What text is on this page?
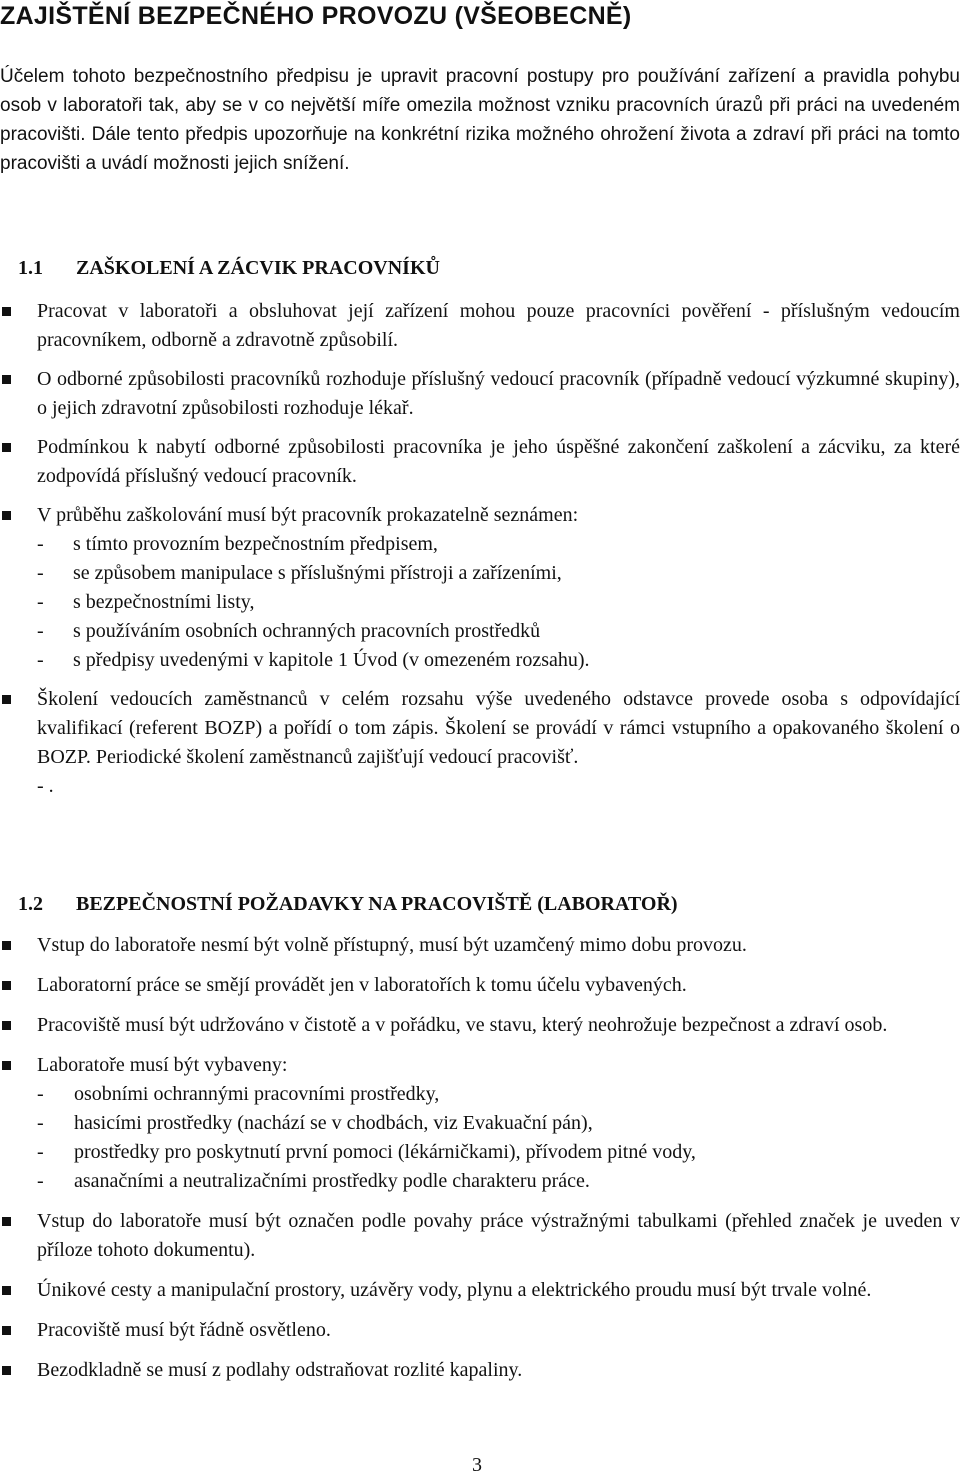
ZAJIŠTĚNÍ BEZPEČNÉHO PROVOZU (VŠEOBECNĚ)

Účelem tohoto bezpečnostního předpisu je upravit pracovní postupy pro používání zařízení a pravidla pohybu osob v laboratoři tak, aby se v co největší míře omezila možnost vzniku pracovních úrazů při práci na uvedeném pracovišti. Dále tento předpis upozorňuje na konkrétní rizika možného ohrožení života a zdraví při práci na tomto pracovišti a uvádí možnosti jejich snížení.

1.1 ZAŠKOLENÍ A ZÁCVIK PRACOVNÍKŮ
Pracovat v laboratoři a obsluhovat její zařízení mohou pouze pracovníci pověření - příslušným vedoucím pracovníkem, odborně a zdravotně způsobilí.
O odborné způsobilosti pracovníků rozhoduje příslušný vedoucí pracovník (případně vedoucí výzkumné skupiny), o jejich zdravotní způsobilosti rozhoduje lékař.
Podmínkou k nabytí odborné způsobilosti pracovníka je jeho úspěšné zakončení zaškolení a zácviku, za které zodpovídá příslušný vedoucí pracovník.
V průběhu zaškolování musí být pracovník prokazatelně seznámen:
- s tímto provozním bezpečnostním předpisem,
- se způsobem manipulace s příslušnými přístroji a zařízeními,
- s bezpečnostními listy,
- s používáním osobních ochranných pracovních prostředků
- s předpisy uvedenými v kapitole 1 Úvod (v omezeném rozsahu).
Školení vedoucích zaměstnanců v celém rozsahu výše uvedeného odstavce provede osoba s odpovídající kvalifikací (referent BOZP) a pořídí o tom zápis. Školení se provádí v rámci vstupního a opakovaného školení o BOZP. Periodické školení zaměstnanců zajišťují vedoucí pracovišť.
- .
1.2 BEZPEČNOSTNÍ POŽADAVKY NA PRACOVIŠTĚ (LABORATOŘ)
Vstup do laboratoře nesmí být volně přístupný, musí být uzamčený mimo dobu provozu.
Laboratorní práce se smějí provádět jen v laboratořích k tomu účelu vybavených.
Pracoviště musí být udržováno v čistotě a v pořádku, ve stavu, který neohrožuje bezpečnost a zdraví osob.
Laboratoře musí být vybaveny:
- osobními ochrannými pracovními prostředky,
- hasicími prostředky (nachází se v chodbách, viz Evakuační pán),
- prostředky pro poskytnutí první pomoci (lékárničkami), přívodem pitné vody,
- asanačními a neutralizačními prostředky podle charakteru práce.
Vstup do laboratoře musí být označen podle povahy práce výstražnými tabulkami (přehled značek je uveden v příloze tohoto dokumentu).
Únikové cesty a manipulační prostory, uzávěry vody, plynu a elektrického proudu musí být trvale volné.
Pracoviště musí být řádně osvětleno.
Bezodkladně se musí z podlahy odstraňovat rozlité kapaliny.
3
